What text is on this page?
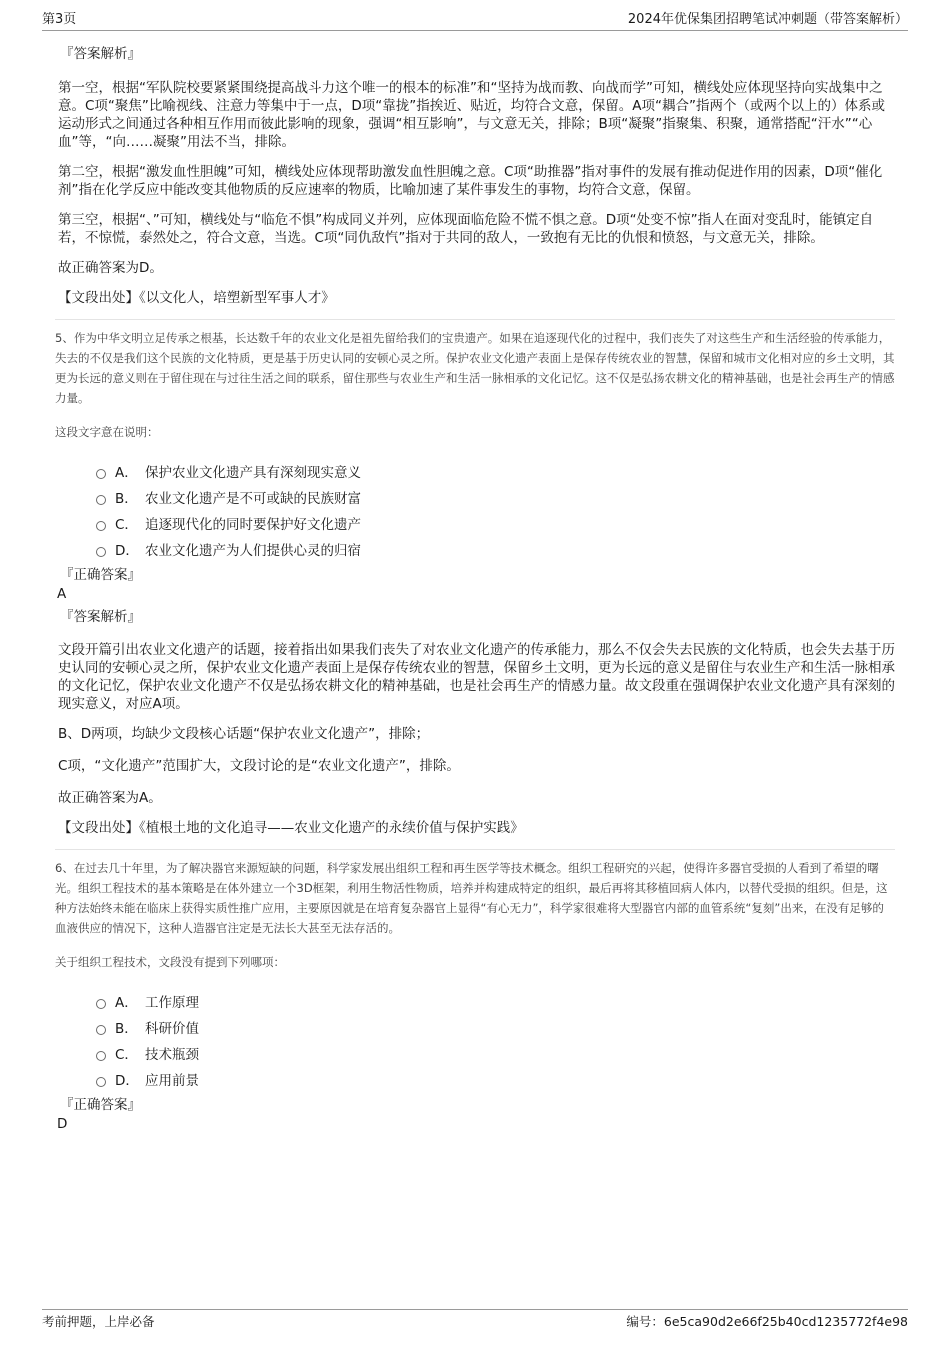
第3页	2024年优保集团招聘笔试冲刺题（带答案解析）
『答案解析』

第一空，根据“军队院校要紧紧围绕提高战斗力这个唯一的根本的标准”和“坚持为战而教、向战而学”可知，横线处应体现坚持向实战集中之意。C项“聚焦”比喻视线、注意力等集中于一点，D项“靠拢”指挨近、贴近，均符合文意，保留。A项“耦合”指两个（或两个以上的）体系或运动形式之间通过各种相互作用而彼此影响的现象，强调“相互影响”，与文意无关，排除；B项“凝聚”指聚集、积聚，通常搭配“汗水”“心血”等，“向……凝聚”用法不当，排除。

第二空，根据“激发血性胆魄”可知，横线处应体现帮助激发血性胆魄之意。C项“助推器”指对事件的发展有推动促进作用的因素，D项“催化剂”指在化学反应中能改变其他物质的反应速率的物质，比喻加速了某件事发生的事物，均符合文意，保留。

第三空，根据“、”可知，横线处与“临危不惧”构成同义并列，应体现面临危险不慌不惧之意。D项“处变不惊”指人在面对变乱时，能镇定自若，不惊慌，泰然处之，符合文意，当选。C项“同仇敌忾”指对于共同的敌人，一致抱有无比的仇恨和愤怒，与文意无关，排除。

故正确答案为D。

【文段出处】《以文化人，培塑新型军事人才》

5、作为中华文明立足传承之根基，长达数千年的农业文化是祖先留给我们的宝贵遗产。如果在追逐现代化的过程中，我们丧失了对这些生产和生活经验的传承能力，失去的不仅是我们这个民族的文化特质，更是基于历史认同的安顿心灵之所。保护农业文化遗产表面上是保存传统农业的智慧，保留和城市文化相对应的乡土文明，其更为长远的意义则在于留住现在与过往生活之间的联系，留住那些与农业生产和生活一脉相承的文化记忆。这不仅是弘扬农耕文化的精神基础，也是社会再生产的情感力量。

这段文字意在说明：

A． 保护农业文化遗产具有深刻现实意义
B． 农业文化遗产是不可或缺的民族财富
C． 追逐现代化的同时要保护好文化遗产
D． 农业文化遗产为人们提供心灵的归宿
『正确答案』
A
『答案解析』

文段开篇引出农业文化遗产的话题，接着指出如果我们丧失了对农业文化遗产的传承能力，那么不仅会失去民族的文化特质，也会失去基于历史认同的安顿心灵之所，保护农业文化遗产表面上是保存传统农业的智慧，保留乡土文明，更为长远的意义是留住与农业生产和生活一脉相承的文化记忆，保护农业文化遗产不仅是弘扬农耕文化的精神基础，也是社会再生产的情感力量。故文段重在强调保护农业文化遗产具有深刻的现实意义，对应A项。

B、D两项，均缺少文段核心话题“保护农业文化遗产”，排除；

C项，“文化遗产”范围扩大，文段讨论的是“农业文化遗产”，排除。

故正确答案为A。

【文段出处】《植根土地的文化追寻——农业文化遗产的永续价值与保护实践》

6、在过去几十年里，为了解决器官来源短缺的问题，科学家发展出组织工程和再生医学等技术概念。组织工程研究的兴起，使得许多器官受损的人看到了希望的曙光。组织工程技术的基本策略是在体外建立一个3D框架，利用生物活性物质，培养并构建成特定的组织，最后再将其移植回病人体内，以替代受损的组织。但是，这种方法始终未能在临床上获得实质性推广应用，主要原因就是在培育复杂器官上显得“有心无力”，科学家很难将大型器官内部的血管系统“复刻”出来，在没有足够的血液供应的情况下，这种人造器官注定是无法长大甚至无法存活的。

关于组织工程技术，文段没有提到下列哪项：

A． 工作原理
B． 科研价值
C． 技术瓶颈
D． 应用前景
『正确答案』
D
考前押题，上岸必备	编号：6e5ca90d2e66f25b40cd1235772f4e98
